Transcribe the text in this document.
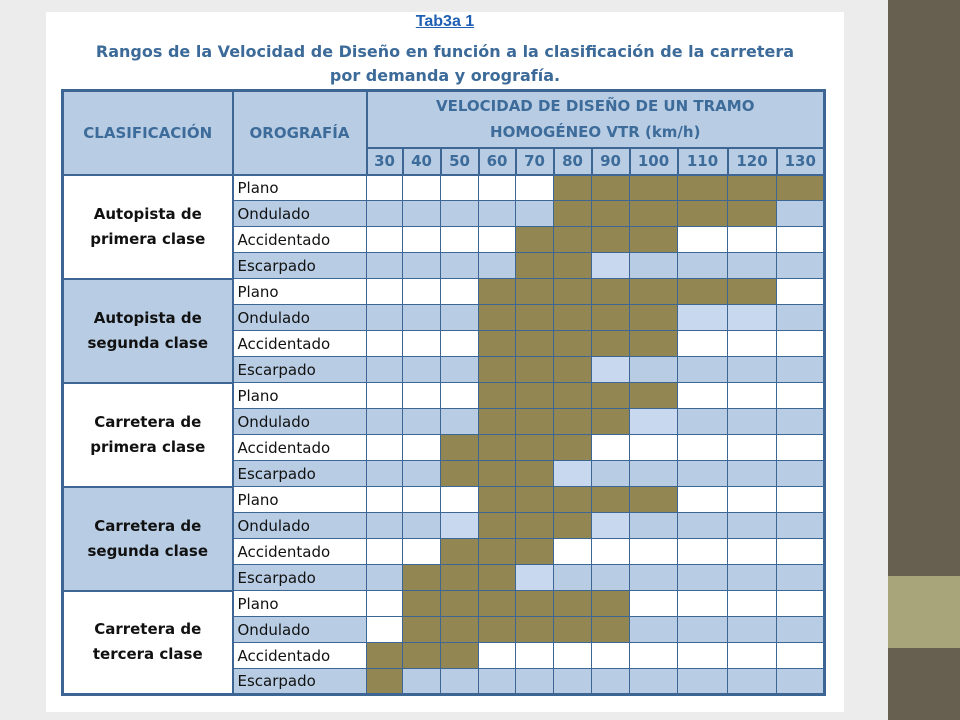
Tab3a 1
Rangos de la Velocidad de Diseño en función a la clasificación de la carretera
por demanda y orografía.
CLASIFICACIÓN	OROGRAFÍA	VELOCIDAD DE DISEÑO DE UN TRAMO
HOMOGÉNEO VTR (km/h)										

		30	40	50	60	70	80	90	100	110	120	130

Autopista de
primera clase	Plano											
	Ondulado											
	Accidentado											
	Escarpado											

Autopista de
segunda clase	Plano											
	Ondulado											
	Accidentado											
	Escarpado											

Carretera de
primera clase	Plano											
	Ondulado											
	Accidentado											
	Escarpado											

Carretera de
segunda clase	Plano											
	Ondulado											
	Accidentado											
	Escarpado											

Carretera de
tercera clase	Plano											
	Ondulado											
	Accidentado											
	Escarpado											
